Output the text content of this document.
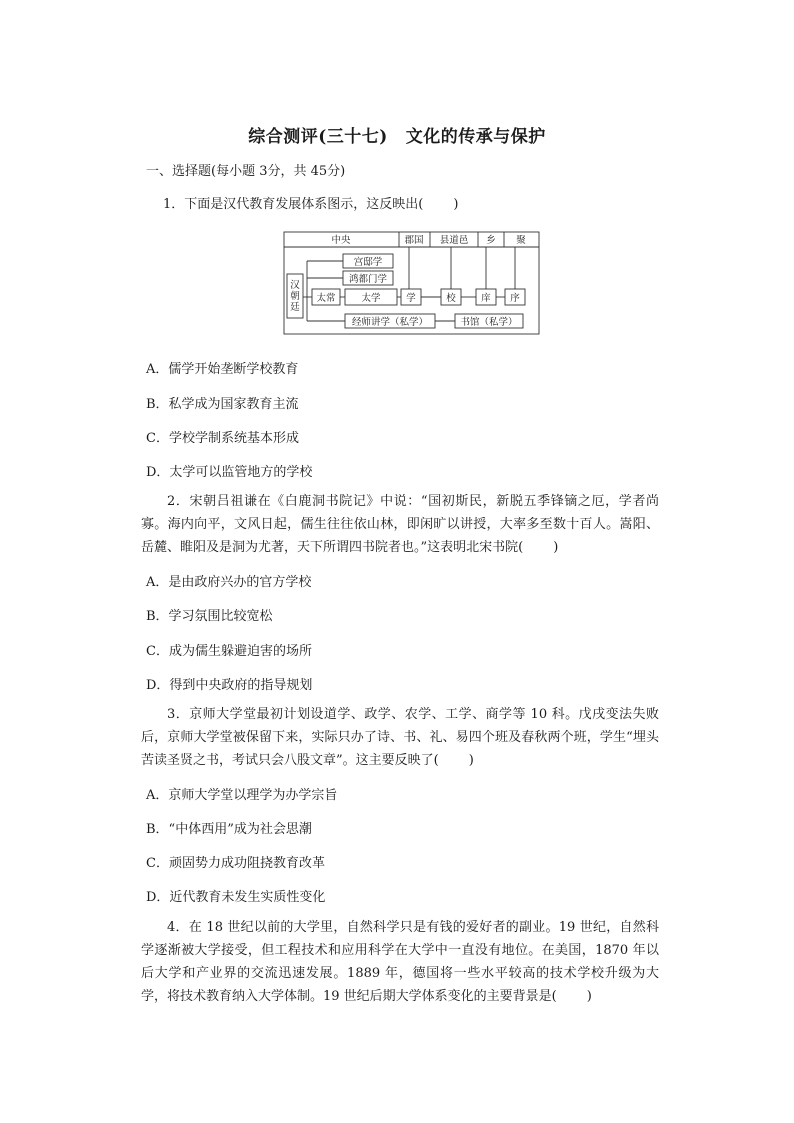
综合测评(三十七) 文化的传承与保护
一、选择题(每小题 3分，共 45分)
1．下面是汉代教育发展体系图示，这反映出( )
中央	郡国 县道邑 乡 聚
汉朝廷
太常	太学
宫邸学
鸿都门学
学	校	庠 序
经师讲学（私学）	书馆（私学）
A．儒学开始垄断学校教育
B．私学成为国家教育主流
C．学校学制系统基本形成
D．太学可以监管地方的学校
2．宋朝吕祖谦在《白鹿洞书院记》中说：“国初斯民，新脱五季锋镝之厄，学者尚寡。海内向平，文风日起，儒生往往依山林，即闲旷以讲授，大率多至数十百人。嵩阳、岳麓、睢阳及是洞为尤著，天下所谓四书院者也。”这表明北宋书院( )
A．是由政府兴办的官方学校
B．学习氛围比较宽松
C．成为儒生躲避迫害的场所
D．得到中央政府的指导规划
3．京师大学堂最初计划设道学、政学、农学、工学、商学等 10 科。戊戌变法失败后，京师大学堂被保留下来，实际只办了诗、书、礼、易四个班及春秋两个班，学生“埋头苦读圣贤之书，考试只会八股文章”。这主要反映了( )
A．京师大学堂以理学为办学宗旨
B．“中体西用”成为社会思潮
C．顽固势力成功阻挠教育改革
D．近代教育未发生实质性变化
4．在 18 世纪以前的大学里，自然科学只是有钱的爱好者的副业。19 世纪，自然科学逐渐被大学接受，但工程技术和应用科学在大学中一直没有地位。在美国，1870 年以后大学和产业界的交流迅速发展。1889 年，德国将一些水平较高的技术学校升级为大学，将技术教育纳入大学体制。19 世纪后期大学体系变化的主要背景是( )
